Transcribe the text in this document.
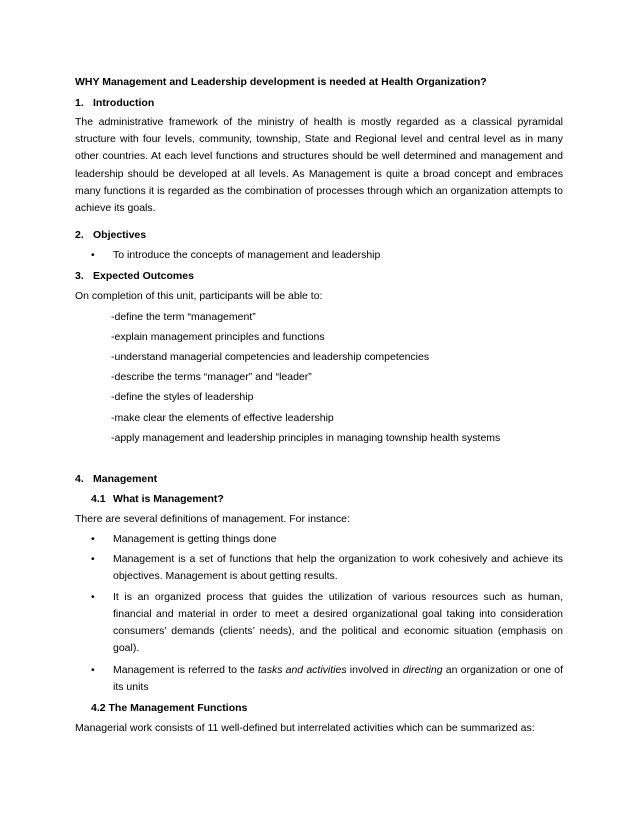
WHY Management and Leadership development is needed at Health Organization?
1. Introduction

The administrative framework of the ministry of health is mostly regarded as a classical pyramidal structure with four levels, community, township, State and Regional level and central level as in many other countries. At each level functions and structures should be well determined and management and leadership should be developed at all levels. As Management is quite a broad concept and embraces many functions it is regarded as the combination of processes through which an organization attempts to achieve its goals.

2. Objectives
• To introduce the concepts of management and leadership
3. Expected Outcomes
On completion of this unit, participants will be able to:
-define the term “management”
-explain management principles and functions
-understand managerial competencies and leadership competencies
-describe the terms “manager” and “leader”
-define the styles of leadership
-make clear the elements of effective leadership
-apply management and leadership principles in managing township health systems
4. Management
4.1 What is Management?
There are several definitions of management. For instance:
• Management is getting things done
• Management is a set of functions that help the organization to work cohesively and achieve its objectives. Management is about getting results.
• It is an organized process that guides the utilization of various resources such as human, financial and material in order to meet a desired organizational goal taking into consideration consumers’ demands (clients’ needs), and the political and economic situation (emphasis on goal).
• Management is referred to the tasks and activities involved in directing an organization or one of its units
4.2 The Management Functions
Managerial work consists of 11 well-defined but interrelated activities which can be summarized as:
